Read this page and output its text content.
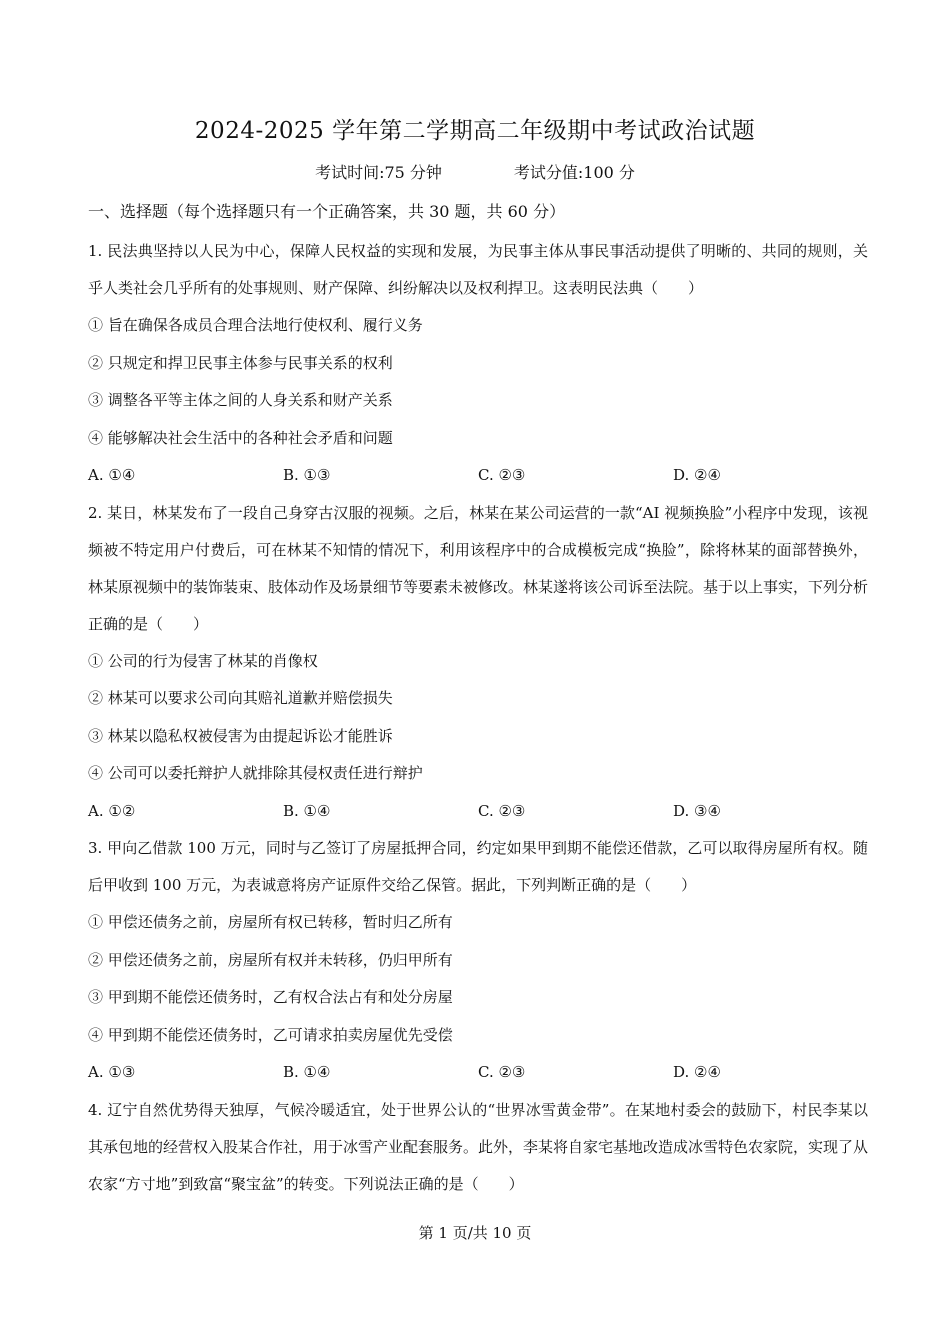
2024-2025 学年第二学期高二年级期中考试政治试题
考试时间:75 分钟	考试分值:100 分
一、选择题（每个选择题只有一个正确答案，共 30 题，共 60 分）
1. 民法典坚持以人民为中心，保障人民权益的实现和发展，为民事主体从事民事活动提供了明晰的、共同的规则，关乎人类社会几乎所有的处事规则、财产保障、纠纷解决以及权利捍卫。这表明民法典（　　）
① 旨在确保各成员合理合法地行使权利、履行义务
② 只规定和捍卫民事主体参与民事关系的权利
③ 调整各平等主体之间的人身关系和财产关系
④ 能够解决社会生活中的各种社会矛盾和问题
A. ①④	B. ①③	C. ②③	D. ②④
2. 某日，林某发布了一段自己身穿古汉服的视频。之后，林某在某公司运营的一款“AI 视频换脸”小程序中发现，该视频被不特定用户付费后，可在林某不知情的情况下，利用该程序中的合成模板完成“换脸”，除将林某的面部替换外，林某原视频中的装饰装束、肢体动作及场景细节等要素未被修改。林某遂将该公司诉至法院。基于以上事实，下列分析正确的是（　　）
① 公司的行为侵害了林某的肖像权
② 林某可以要求公司向其赔礼道歉并赔偿损失
③ 林某以隐私权被侵害为由提起诉讼才能胜诉
④ 公司可以委托辩护人就排除其侵权责任进行辩护
A. ①②	B. ①④	C. ②③	D. ③④
3. 甲向乙借款 100 万元，同时与乙签订了房屋抵押合同，约定如果甲到期不能偿还借款，乙可以取得房屋所有权。随后甲收到 100 万元，为表诚意将房产证原件交给乙保管。据此，下列判断正确的是（　　）
① 甲偿还债务之前，房屋所有权已转移，暂时归乙所有
② 甲偿还债务之前，房屋所有权并未转移，仍归甲所有
③ 甲到期不能偿还债务时，乙有权合法占有和处分房屋
④ 甲到期不能偿还债务时，乙可请求拍卖房屋优先受偿
A. ①③	B. ①④	C. ②③	D. ②④
4. 辽宁自然优势得天独厚，气候冷暖适宜，处于世界公认的“世界冰雪黄金带”。在某地村委会的鼓励下，村民李某以其承包地的经营权入股某合作社，用于冰雪产业配套服务。此外，李某将自家宅基地改造成冰雪特色农家院，实现了从农家“方寸地”到致富“聚宝盆”的转变。下列说法正确的是（　　）
第 1 页/共 10 页
